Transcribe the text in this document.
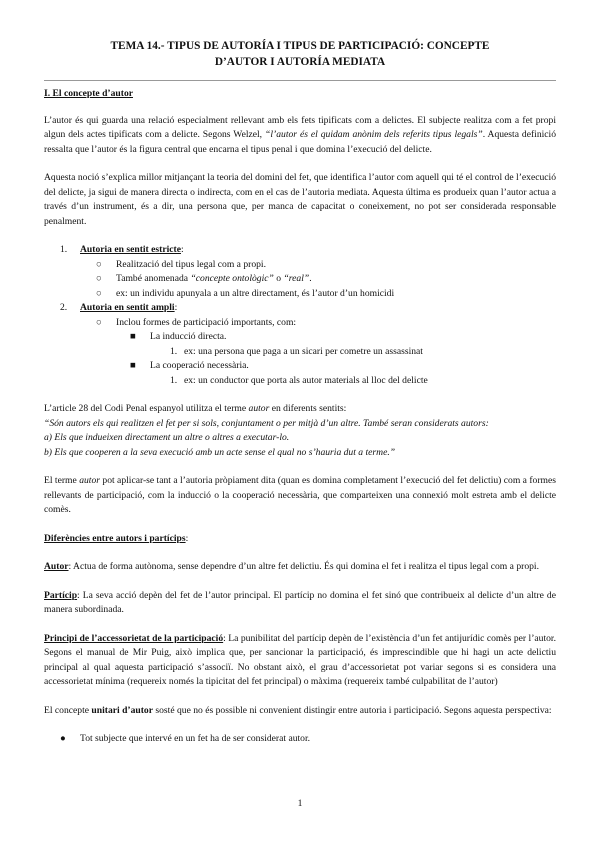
TEMA 14.- TIPUS DE AUTORÍA I TIPUS DE PARTICIPACIÓ: CONCEPTE D’AUTOR I AUTORÍA MEDIATA
I. El concepte d’autor

L’autor és qui guarda una relació especialment rellevant amb els fets tipificats com a delictes. El subjecte realitza com a fet propi algun dels actes tipificats com a delicte. Segons Welzel, “l’autor és el quidam anònim dels referits tipus legals”. Aquesta definició ressalta que l’autor és la figura central que encarna el tipus penal i que domina l’execució del delicte.

Aquesta noció s’explica millor mitjançant la teoria del domini del fet, que identifica l’autor com aquell qui té el control de l’execució del delicte, ja sigui de manera directa o indirecta, com en el cas de l’autoria mediata. Aquesta última es produeix quan l’autor actua a través d’un instrument, és a dir, una persona que, per manca de capacitat o coneixement, no pot ser considerada responsable penalment.

1.	Autoria en sentit estricte:
○	Realització del tipus legal com a propi.
○	També anomenada “concepte ontològic” o “real”.
○	ex: un individu apunyala a un altre directament, és l’autor d’un homicidi
2.	Autoria en sentit ampli:
○	Inclou formes de participació importants, com:
■	La inducció directa.
1. ex: una persona que paga a un sicari per cometre un assassinat
■	La cooperació necessària.
1. ex: un conductor que porta als autor materials al lloc del delicte
L’article 28 del Codi Penal espanyol utilitza el terme autor en diferents sentits:
“Són autors els qui realitzen el fet per si sols, conjuntament o per mitjà d’un altre. També seran considerats autors:
a) Els que indueixen directament un altre o altres a executar-lo.
b) Els que cooperen a la seva execució amb un acte sense el qual no s’hauria dut a terme.”

El terme autor pot aplicar-se tant a l’autoria pròpiament dita (quan es domina completament l’execució del fet delictiu) com a formes rellevants de participació, com la inducció o la cooperació necessària, que comparteixen una connexió molt estreta amb el delicte comès.

Diferències entre autors i partícips:

Autor: Actua de forma autònoma, sense dependre d’un altre fet delictiu. És qui domina el fet i realitza el tipus legal com a propi.

Partícip: La seva acció depèn del fet de l’autor principal. El partícip no domina el fet sinó que contribueix al delicte d’un altre de manera subordinada.

Principi de l’accessorietat de la participació: La punibilitat del partícip depèn de l’existència d’un fet antijurídic comès per l’autor. Segons el manual de Mir Puig, això implica que, per sancionar la participació, és imprescindible que hi hagi un acte delictiu principal al qual aquesta participació s’associï. No obstant això, el grau d’accessorietat pot variar segons si es considera una accessorietat mínima (requereix només la tipicitat del fet principal) o màxima (requereix també culpabilitat de l’autor)

El concepte unitari d’autor sosté que no és possible ni convenient distingir entre autoria i participació. Segons aquesta perspectiva:

●	Tot subjecte que intervé en un fet ha de ser considerat autor.
1
